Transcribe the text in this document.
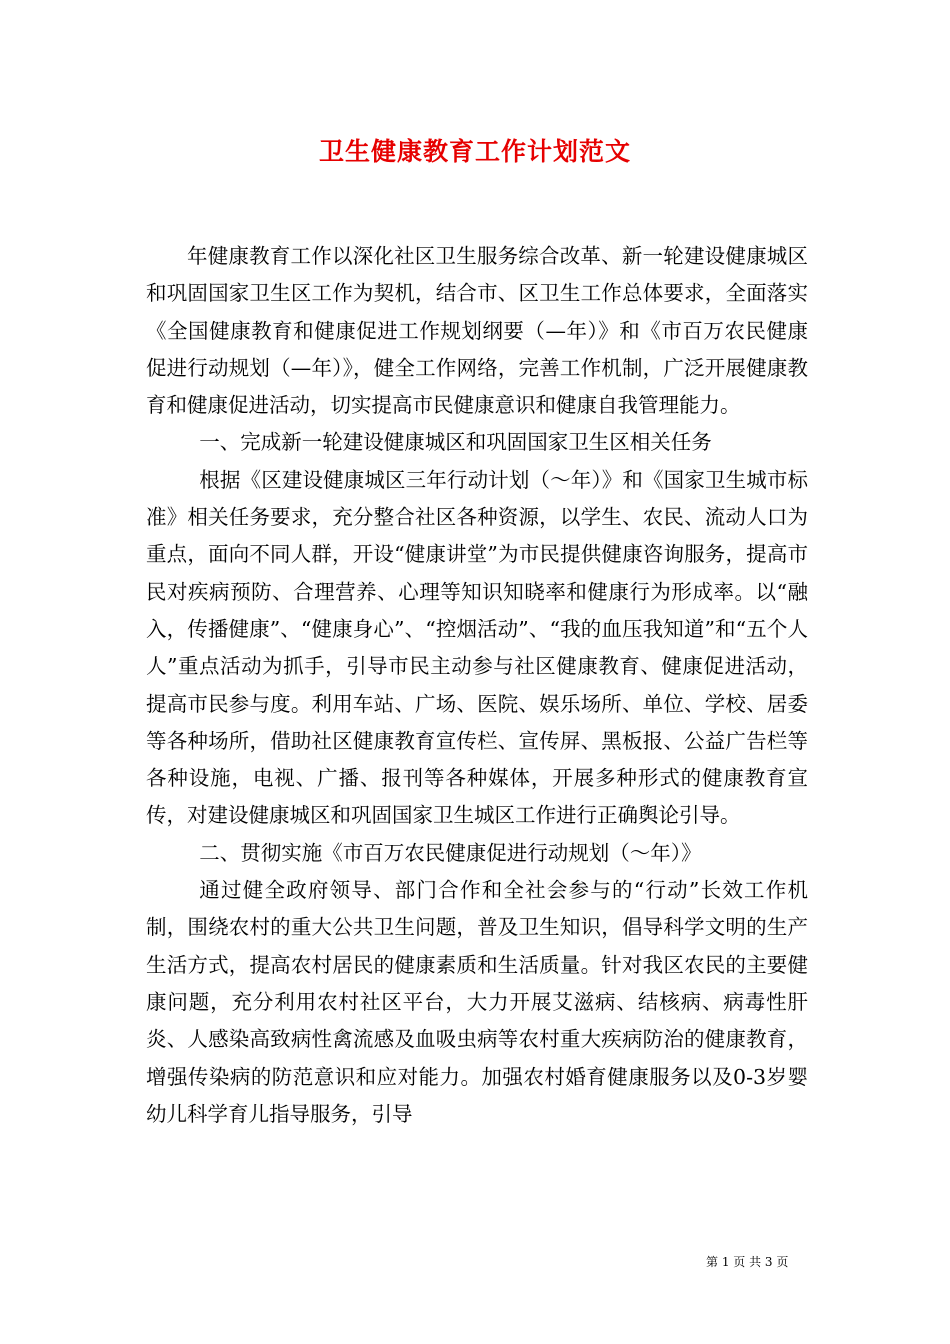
卫生健康教育工作计划范文

年健康教育工作以深化社区卫生服务综合改革、新一轮建设健康城区和巩固国家卫生区工作为契机，结合市、区卫生工作总体要求，全面落实《全国健康教育和健康促进工作规划纲要（—年）》和《市百万农民健康促进行动规划（—年）》，健全工作网络，完善工作机制，广泛开展健康教育和健康促进活动，切实提高市民健康意识和健康自我管理能力。

一、完成新一轮建设健康城区和巩固国家卫生区相关任务

根据《区建设健康城区三年行动计划（～年）》和《国家卫生城市标准》相关任务要求，充分整合社区各种资源，以学生、农民、流动人口为重点，面向不同人群，开设“健康讲堂”为市民提供健康咨询服务，提高市民对疾病预防、合理营养、心理等知识知晓率和健康行为形成率。以“融入，传播健康”、“健康身心”、“控烟活动”、“我的血压我知道”和“五个人人”重点活动为抓手，引导市民主动参与社区健康教育、健康促进活动，提高市民参与度。利用车站、广场、医院、娱乐场所、单位、学校、居委等各种场所，借助社区健康教育宣传栏、宣传屏、黑板报、公益广告栏等各种设施，电视、广播、报刊等各种媒体，开展多种形式的健康教育宣传，对建设健康城区和巩固国家卫生城区工作进行正确舆论引导。

二、贯彻实施《市百万农民健康促进行动规划（～年）》

通过健全政府领导、部门合作和全社会参与的“行动”长效工作机制，围绕农村的重大公共卫生问题，普及卫生知识，倡导科学文明的生产生活方式，提高农村居民的健康素质和生活质量。针对我区农民的主要健康问题，充分利用农村社区平台，大力开展艾滋病、结核病、病毒性肝炎、人感染高致病性禽流感及血吸虫病等农村重大疾病防治的健康教育，增强传染病的防范意识和应对能力。加强农村婚育健康服务以及0-3岁婴幼儿科学育儿指导服务，引导

第 1 页 共 3 页
